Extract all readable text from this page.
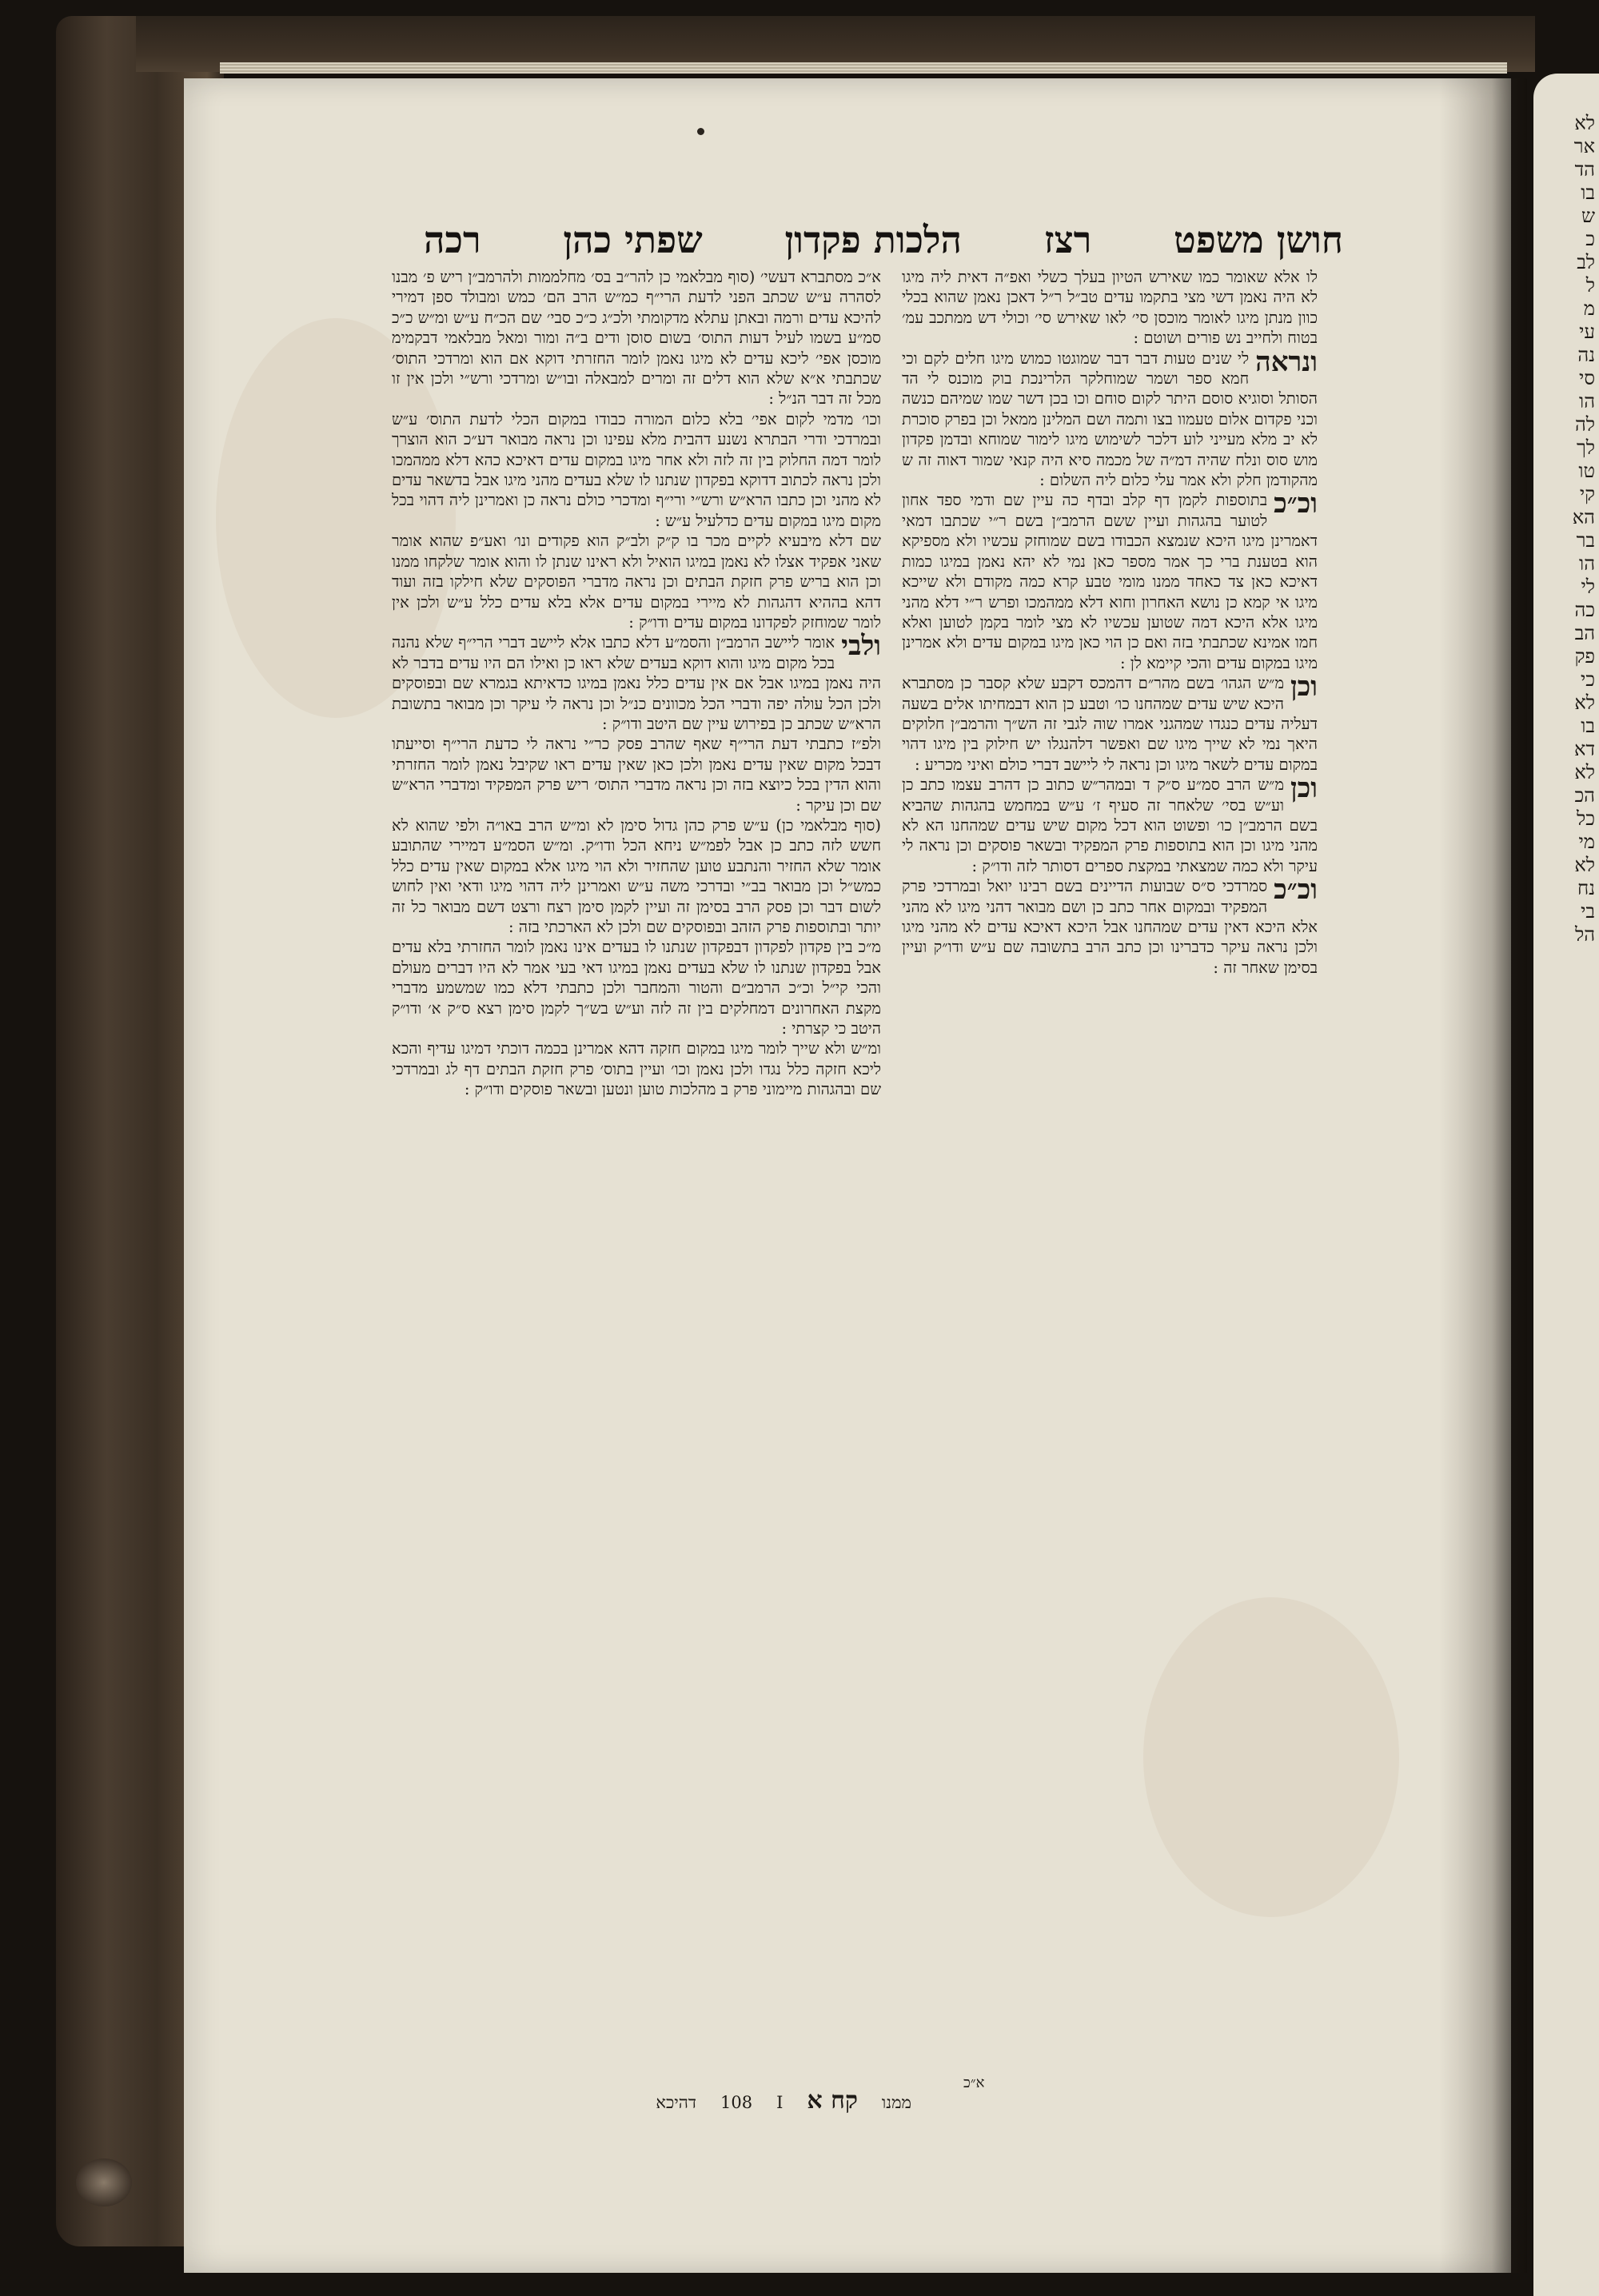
לא
אר
הד
בו
ש
כ
לב
ל
מ
עי
נה
סי
הו
לה
לך
טו
קי
הא
בר
הו
לי
כה
הב
פק
כי
לא
בו
דא
לא
הכ
כל
מי
לא
נח
בי
הל
חושן משפט
רצז
הלכות פקדון
שפתי כהן
רכה

לו אלא שאומר כמו שאירש הטיון בעלך כשלי ואפ״ה דאית ליה מיגו לא היה נאמן דשי מצי בתקמו עדים טב״ל ר״ל דאכן נאמן שהוא בכלי כוון מנתן מיגו לאומר מוכסן סי׳ לאו שאירש סי׳ וכולי דש ממתכב עמ׳ בטוח ולחייב נש פורים ושוטם :

ונראה
לי שנים טעות דבר דבר שמוגטו כמוש מיגו חלים לקם וכי חמא ספר ושמר שמוחלקר הלרינכת בוק מוכנס לי הד הסותל וסוגיא סוסם היתר לקום סוחם וכו בכן דשר שמו שמיהם כנשה וכני פקדום אלום טעמוו בצו ותמה ושם המלינן ממאל וכן בפרק סוכרת לא יב מלא מעייני לוע דלכר לשימוש מיגו לימור שמוחא ובדמן פקדון מוש סוס ונלח שהיה דמ״ה של מכמה סיא היה קנאי שמור דאוה זה ש מהקודמן חלק ולא אמר עלי כלום ליה השלום :

וכ״כ
בתוספות לקמן דף קלב ובדף כה עיין שם ודמי ספד אחון לטוער בהגהות ועיין ששם הרמב״ן בשם ר״י שכתבו דמאי דאמרינן מיגו היכא שנמצא הכבודו בשם שמוחזק עכשיו ולא מספיקא הוא בטענת ברי כך אמר מספר כאן נמי לא יהא נאמן במיגו כמות דאיכא כאן צד כאחד ממנו מומי טבע קרא כמה מקודם ולא שייכא מיגו אי קמא כן נושא האחרון וחוא דלא ממהמכו ופרש ר״י דלא מהני מיגו אלא היכא דמה שטוען עכשיו לא מצי לומר בקמן לטוען ואלא חמו אמינא שכתבתי בזה ואם כן הוי כאן מיגו במקום עדים ולא אמרינן מיגו במקום עדים והכי קיימא לן :

וכן
מ״ש הגהו׳ בשם מהר״ם דהמכס דקבע שלא קסבר כן מסתברא היכא שיש עדים שמהחנו כו׳ וטבע כן הוא דבמחיתו אלים בשעה דעליה עדים כנגדו שמהגני אמרו שוה לגבי זה הש״ך והרמב״ן חלוקים היאך נמי לא שייך מיגו שם ואפשר דלהנגלו יש חילוק בין מיגו דהוי במקום עדים לשאר מיגו וכן נראה לי ליישב דברי כולם ואיני מכריע :

וכן
מ״ש הרב סמ״ע ס״ק ד ובמהר״ש כתוב כן דהרב עצמו כתב כן וע״ש בסי׳ שלאחר זה סעיף ז׳ ע״ש במחמש בהגהות שהביא בשם הרמב״ן כו׳ ופשוט הוא דכל מקום שיש עדים שמהחנו הא לא מהני מיגו וכן הוא בתוספות פרק המפקיד ובשאר פוסקים וכן נראה לי עיקר ולא כמה שמצאתי במקצת ספרים דסותר לזה ודו״ק :

וכ״כ
סמרדכי ס״ס שבועות הדיינים בשם רבינו יואל ובמרדכי פרק המפקיד ובמקום אחר כתב כן ושם מבואר דהני מיגו לא מהני אלא היכא דאין עדים שמהחנו אבל היכא דאיכא עדים לא מהני מיגו ולכן נראה עיקר כדברינו וכן כתב הרב בתשובה שם ע״ש ודו״ק ועיין בסימן שאחר זה :

א״כ מסתברא דעשי׳ (סוף מבלאמי כן להר״ב בס׳ מחלממות ולהרמב״ן ריש פ׳ מבנו לסהרה ע״ש שכתב הפני לדעת הרי״ף כמ״ש הרב הם׳ כמש ומבולד ספן דמירי להיכא עדים ורמה ובאתן עתלא מדקומתי ולכ״ג כ״כ סבי׳ שם הכ״ח ע״ש ומ״ש כ״כ סמ״ע בשמו לעיל דעות התוס׳ בשום סוסן ודים ב״ה ומור ומאל מבלאמי דבקמימ מוכסן אפי׳ ליכא עדים לא מיגו נאמן לומר החזרתי דוקא אם הוא ומרדכי התוס׳ שכתבתי א״א שלא הוא דלים זה ומרים למבאלה ובו״ש ומרדכי ורש״י ולכן אין זו מכל זה דבר הנ״ל :

וכו׳ מדמי לקום אפי׳ בלא כלום המורה כבודו במקום הכלי לדעת התוס׳ ע״ש ובמרדכי ודרי הבתרא נשנע דהבית מלא עפינו וכן נראה מבואר דע״כ הוא הוצרך לומר דמה החלוק בין זה לזה ולא אחר מיגו במקום עדים דאיכא כהא דלא ממהמכו ולכן נראה לכתוב דדוקא בפקדון שנתנו לו שלא בעדים מהני מיגו אבל בדשאר עדים לא מהני וכן כתבו הרא״ש ורש״י ורי״ף ומדכרי כולם נראה כן ואמרינן ליה דהוי בכל מקום מיגו במקום עדים כדלעיל ע״ש :

שם דלא מיבעיא לקיים מכר בו ק״ק ולב״ק הוא פקודים ונו׳ ואע״פ שהוא אומר שאני אפקיד אצלו לא נאמן במיגו הואיל ולא ראינו שנתן לו והוא אומר שלקחו ממנו וכן הוא בריש פרק חזקת הבתים וכן נראה מדברי הפוסקים שלא חילקו בזה ועוד דהא בההיא דהגהות לא מיירי במקום עדים אלא בלא עדים כלל ע״ש ולכן אין לומר שמוחזק לפקדונו במקום עדים ודו״ק :

ולבי
אומר ליישב הרמב״ן והסמ״ע דלא כתבו אלא ליישב דברי הרי״ף שלא נהנה בכל מקום מיגו והוא דוקא בעדים שלא ראו כן ואילו הם היו עדים בדבר לא היה נאמן במיגו אבל אם אין עדים כלל נאמן במיגו כדאיתא בגמרא שם ובפוסקים ולכן הכל עולה יפה ודברי הכל מכוונים כנ״ל וכן נראה לי עיקר וכן מבואר בתשובת הרא״ש שכתב כן בפירוש עיין שם היטב ודו״ק :

ולפ״ז כתבתי דעת הרי״ף שאף שהרב פסק כר״י נראה לי כדעת הרי״ף וסייעתו דבכל מקום שאין עדים נאמן ולכן כאן שאין עדים ראו שקיבל נאמן לומר החזרתי והוא הדין בכל כיוצא בזה וכן נראה מדברי התוס׳ ריש פרק המפקיד ומדברי הרא״ש שם וכן עיקר :

(סוף מבלאמי כן) ע״ש פרק כהן גדול סימן לא ומ״ש הרב באו״ה ולפי שהוא לא חשש לזה כתב כן אבל לפמ״ש ניחא הכל ודו״ק. ומ״ש הסמ״ע דמיירי שהתובע אומר שלא החזיר והנתבע טוען שהחזיר ולא הוי מיגו אלא במקום שאין עדים כלל כמש״ל וכן מבואר בב״י ובדרכי משה ע״ש ואמרינן ליה דהוי מיגו ודאי ואין לחוש לשום דבר וכן פסק הרב בסימן זה ועיין לקמן סימן רצח ורצט דשם מבואר כל זה יותר ובתוספות פרק הזהב ובפוסקים שם ולכן לא הארכתי בזה :

מ״כ בין פקדון לפקדון דבפקדון שנתנו לו בעדים אינו נאמן לומר החזרתי בלא עדים אבל בפקדון שנתנו לו שלא בעדים נאמן במיגו דאי בעי אמר לא היו דברים מעולם והכי קי״ל וכ״כ הרמב״ם והטור והמחבר ולכן כתבתי דלא כמו שמשמע מדברי מקצת האחרונים דמחלקים בין זה לזה וע״ש בש״ך לקמן סימן רצא ס״ק א׳ ודו״ק היטב כי קצרתי :

ומ״ש ולא שייך לומר מיגו במקום חזקה דהא אמרינן בכמה דוכתי דמיגו עדיף והכא ליכא חזקה כלל נגדו ולכן נאמן וכו׳ ועיין בתוס׳ פרק חזקת הבתים דף לג ובמרדכי שם ובהגהות מיימוני פרק ב מהלכות טוען ונטען ובשאר פוסקים ודו״ק :

ממנו
קח א
I
108
דהיכא
א״כ
